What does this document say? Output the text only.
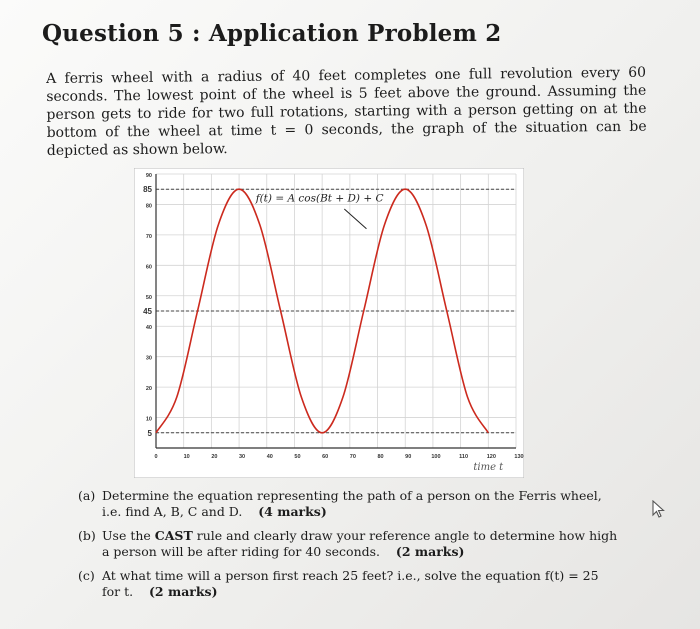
Question 5 : Application Problem 2

A ferris wheel with a radius of 40 feet completes one full revolution every 60 seconds. The lowest point of the wheel is 5 feet above the ground. Assuming the person gets to ride for two full rotations, starting with a person getting on at the bottom of the wheel at time t = 0 seconds, the graph of the situation can be depicted as shown below.

5
10
20
30
40
45
50
60
70
80
85
90
0	10	20	30	40	50	60	70	80	90	100	110	120	130
time t
f(t) = A cos(Bt + D) + C
(a) Determine the equation representing the path of a person on the Ferris wheel, i.e. find A, B, C and D. (4 marks)
(b) Use the CAST rule and clearly draw your reference angle to determine how high a person will be after riding for 40 seconds. (2 marks)
(c) At what time will a person first reach 25 feet? i.e., solve the equation f(t) = 25 for t. (2 marks)
